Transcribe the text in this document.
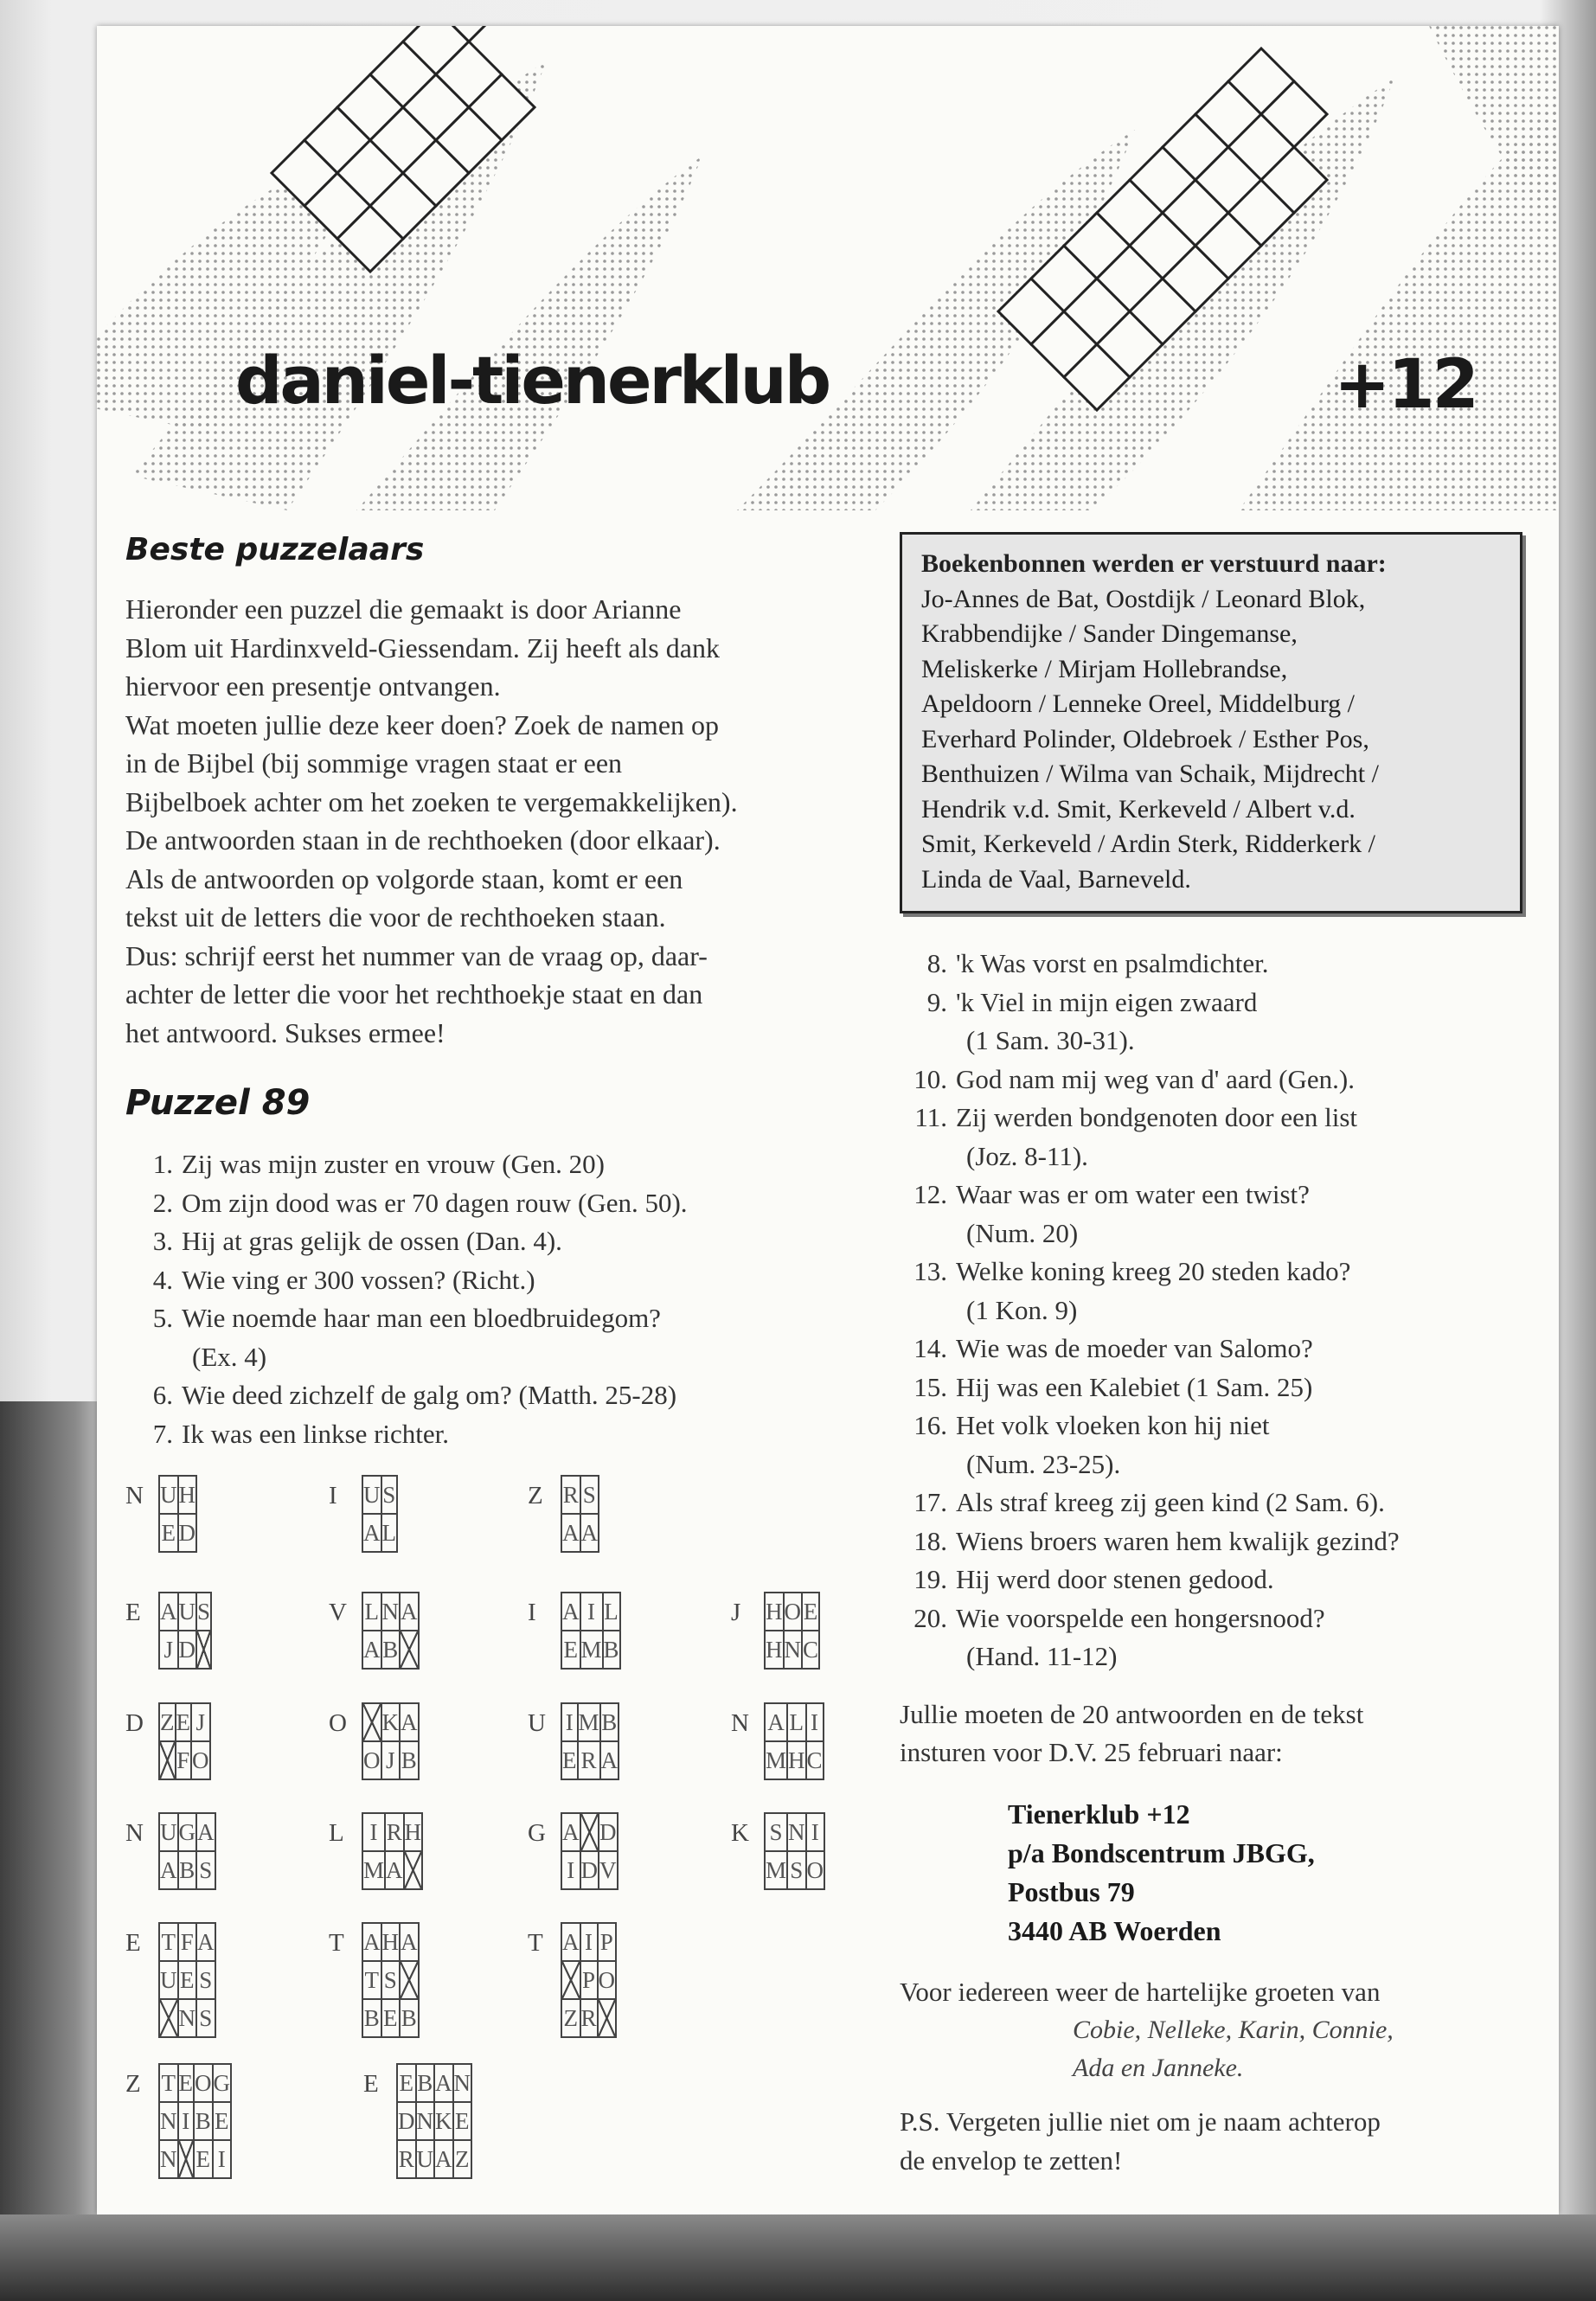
daniel-tienerklub	+12
Beste puzzelaars

Hieronder een puzzel die gemaakt is door Arianne

Blom uit Hardinxveld-Giessendam. Zij heeft als dank

hiervoor een presentje ontvangen.

Wat moeten jullie deze keer doen? Zoek de namen op

in de Bijbel (bij sommige vragen staat er een

Bijbelboek achter om het zoeken te vergemakkelijken).

De antwoorden staan in de rechthoeken (door elkaar).

Als de antwoorden op volgorde staan, komt er een

tekst uit de letters die voor de rechthoeken staan.

Dus: schrijf eerst het nummer van de vraag op, daar-

achter de letter die voor het rechthoekje staat en dan

het antwoord. Sukses ermee!

Puzzel 89
1. Zij was mijn zuster en vrouw (Gen. 20)
2. Om zijn dood was er 70 dagen rouw (Gen. 50).
3. Hij at gras gelijk de ossen (Dan. 4).
4. Wie ving er 300 vossen? (Richt.)
5. Wie noemde haar man een bloedbruidegom?
(Ex. 4)
6. Wie deed zichzelf de galg om? (Matth. 25-28)
7. Ik was een linkse richter.
N U	H
E	D
I U	S
A	L
Z R	S
A	A
E A	U	S
J	D	
V L	N	A
A	B	
I A	I	L
E	M	B
J H	O	E
H	N	C
D Z	E	J
	F	O
O
	K	A
O	J	B
U I	M	B
E	R	A
N A	L	I
M	H	C
N U	G	A
A	B	S
L I	R	H
M	A	
G A		D
I	D	V
K S	N	I
M	S	O
E T	F	A
U	E	S
	N	S
T A	H	A
T	S	
B	E	B
T A	I	P
	P	O
Z	R	
Z T	E	O	G
N	I	B	E
N		E	I
E E	B	A	N
D	N	K	E
R	U	A	Z
Boekenbonnen werden er verstuurd naar:
Jo-Annes de Bat, Oostdijk / Leonard Blok,
Krabbendijke / Sander Dingemanse,
Meliskerke / Mirjam Hollebrandse,
Apeldoorn / Lenneke Oreel, Middelburg /
Everhard Polinder, Oldebroek / Esther Pos,
Benthuizen / Wilma van Schaik, Mijdrecht /
Hendrik v.d. Smit, Kerkeveld / Albert v.d.
Smit, Kerkeveld / Ardin Sterk, Ridderkerk /
Linda de Vaal, Barneveld.
8. 'k Was vorst en psalmdichter.
9. 'k Viel in mijn eigen zwaard
(1 Sam. 30-31).
10. God nam mij weg van d' aard (Gen.).
11. Zij werden bondgenoten door een list
(Joz. 8-11).
12. Waar was er om water een twist?
(Num. 20)
13. Welke koning kreeg 20 steden kado?
(1 Kon. 9)
14. Wie was de moeder van Salomo?
15. Hij was een Kalebiet (1 Sam. 25)
16. Het volk vloeken kon hij niet
(Num. 23-25).
17. Als straf kreeg zij geen kind (2 Sam. 6).
18. Wiens broers waren hem kwalijk gezind?
19. Hij werd door stenen gedood.
20. Wie voorspelde een hongersnood?
(Hand. 11-12)
Jullie moeten de 20 antwoorden en de tekst
insturen voor D.V. 25 februari naar:
Tienerklub +12
p/a Bondscentrum JBGG,
Postbus 79
3440 AB Woerden
Voor iedereen weer de hartelijke groeten van
Cobie, Nelleke, Karin, Connie,
Ada en Janneke.
P.S. Vergeten jullie niet om je naam achterop
de envelop te zetten!
